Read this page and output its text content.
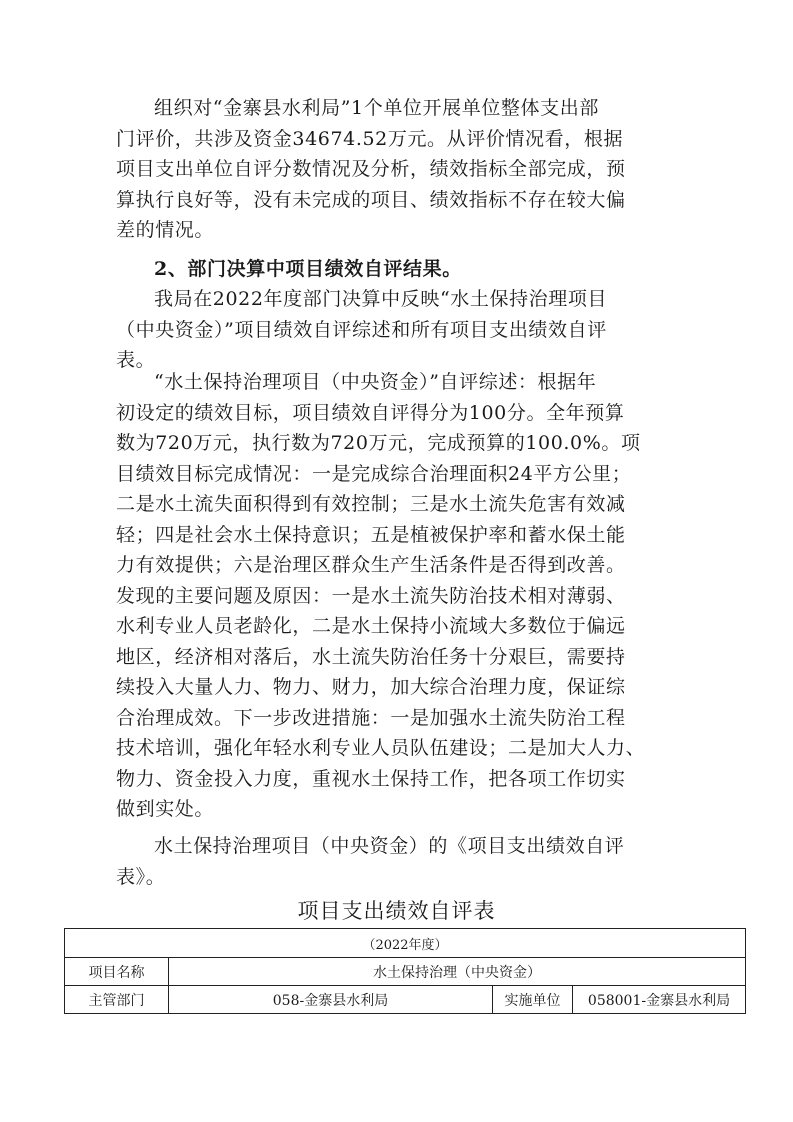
组织对“金寨县水利局”1个单位开展单位整体支出部
门评价，共涉及资金34674.52万元。从评价情况看，根据
项目支出单位自评分数情况及分析，绩效指标全部完成，预
算执行良好等，没有未完成的项目、绩效指标不存在较大偏
差的情况。

2、部门决算中项目绩效自评结果。

我局在2022年度部门决算中反映“水土保持治理项目
（中央资金）”项目绩效自评综述和所有项目支出绩效自评
表。

“水土保持治理项目（中央资金）”自评综述：根据年
初设定的绩效目标，项目绩效自评得分为100分。全年预算
数为720万元，执行数为720万元，完成预算的100.0%。项
目绩效目标完成情况：一是完成综合治理面积24平方公里；
二是水土流失面积得到有效控制；三是水土流失危害有效减
轻；四是社会水土保持意识；五是植被保护率和蓄水保土能
力有效提供；六是治理区群众生产生活条件是否得到改善。
发现的主要问题及原因：一是水土流失防治技术相对薄弱、
水利专业人员老龄化，二是水土保持小流域大多数位于偏远
地区，经济相对落后，水土流失防治任务十分艰巨，需要持
续投入大量人力、物力、财力，加大综合治理力度，保证综
合治理成效。下一步改进措施：一是加强水土流失防治工程
技术培训，强化年轻水利专业人员队伍建设；二是加大人力、
物力、资金投入力度，重视水土保持工作，把各项工作切实
做到实处。

水土保持治理项目（中央资金）的《项目支出绩效自评
表》。

项目支出绩效自评表
（2022年度）			
项目名称	水土保持治理（中央资金）		
主管部门	058-金寨县水利局	实施单位	058001-金寨县水利局
